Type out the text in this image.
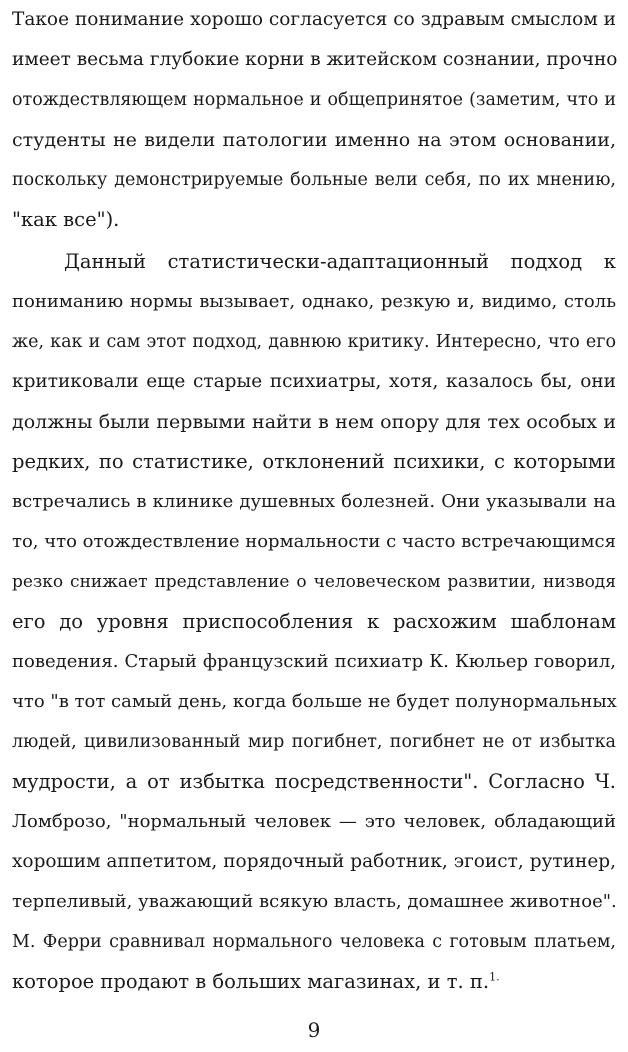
Такое понимание хорошо согласуется со здравым смыслом и
имеет весьма глубокие корни в житейском сознании, прочно
отождествляющем нормальное и общепринятое (заметим, что и
студенты не видели патологии именно на этом основании,
поскольку демонстрируемые больные вели себя, по их мнению,
"как все").
Данный статистически-адаптационный подход к
пониманию нормы вызывает, однако, резкую и, видимо, столь
же, как и сам этот подход, давнюю критику. Интересно, что его
критиковали еще старые психиатры, хотя, казалось бы, они
должны были первыми найти в нем опору для тех особых и
редких, по статистике, отклонений психики, с которыми
встречались в клинике душевных болезней. Они указывали на
то, что отождествление нормальности с часто встречающимся
резко снижает представление о человеческом развитии, низводя
его до уровня приспособления к расхожим шаблонам
поведения. Старый французский психиатр К. Кюльер говорил,
что "в тот самый день, когда больше не будет полунормальных
людей, цивилизованный мир погибнет, погибнет не от избытка
мудрости, а от избытка посредственности". Согласно Ч.
Ломброзо, "нормальный человек — это человек, обладающий
хорошим аппетитом, порядочный работник, эгоист, рутинер,
терпеливый, уважающий всякую власть, домашнее животное".
М. Ферри сравнивал нормального человека с готовым платьем,
которое продают в больших магазинах, и т. п.$^{1.}$
9
